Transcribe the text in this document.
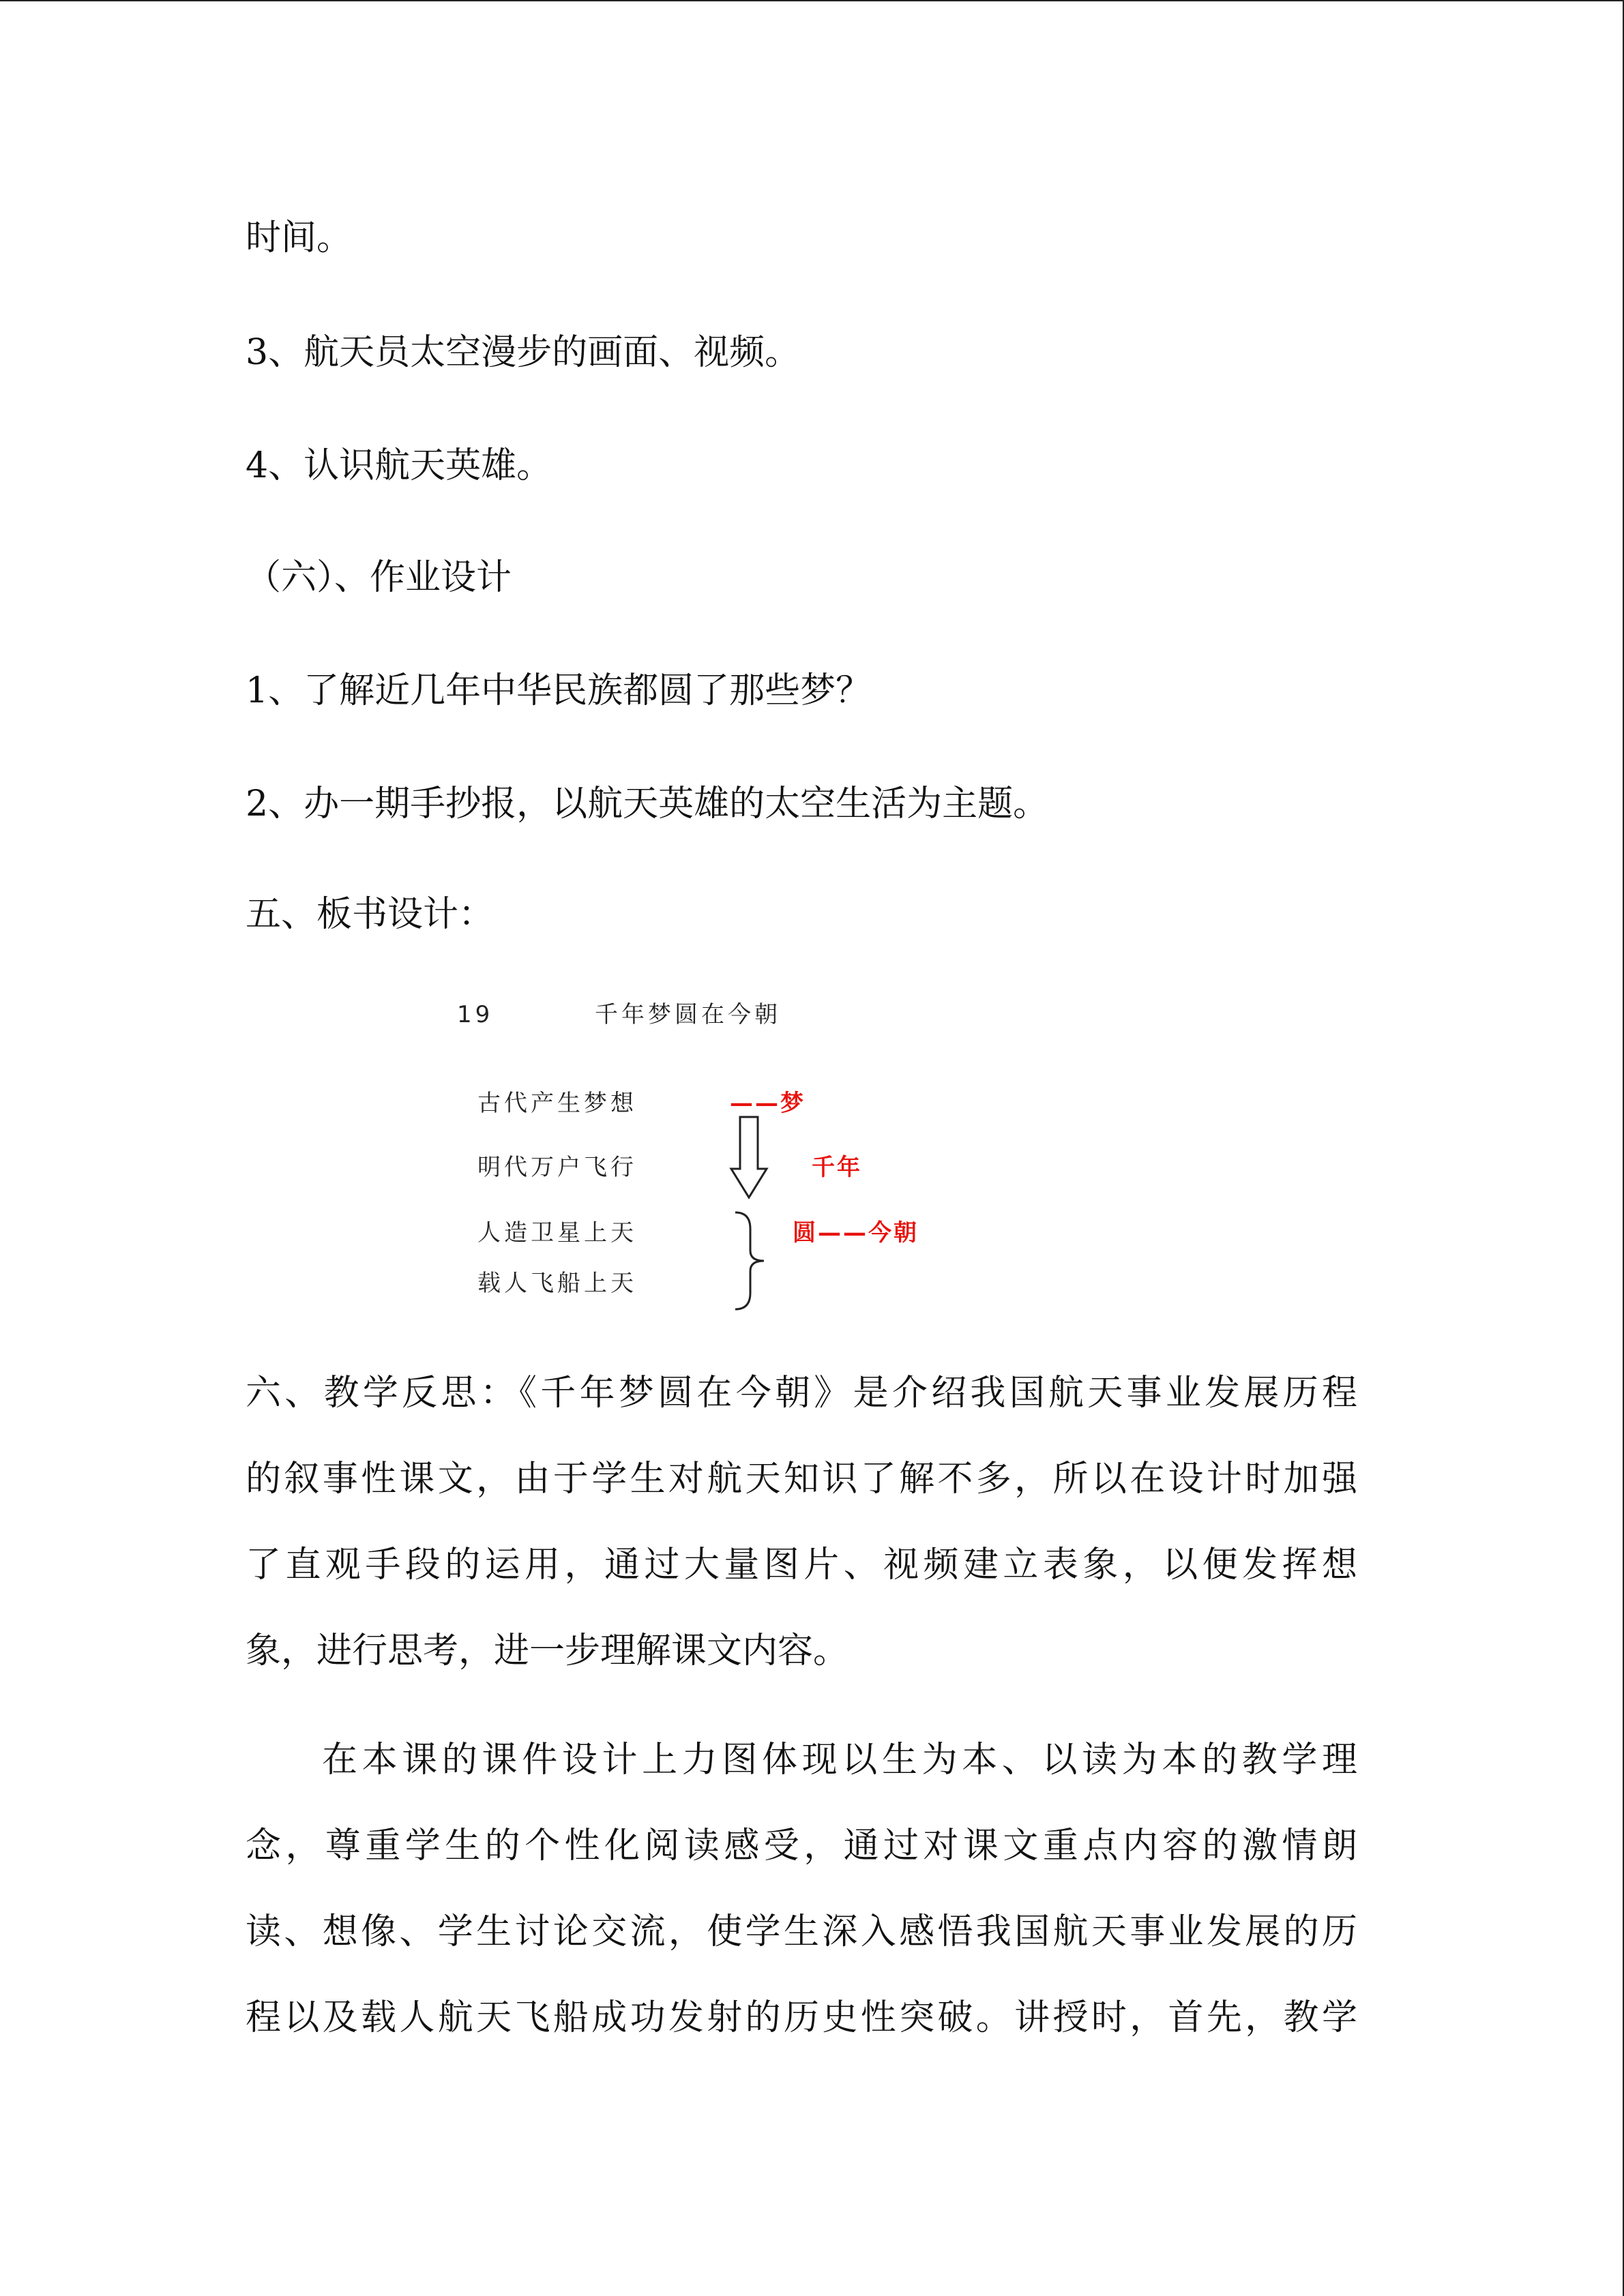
时间。

3、航天员太空漫步的画面、视频。

4、认识航天英雄。

（六）、作业设计

1、了解近几年中华民族都圆了那些梦？

2、办一期手抄报，以航天英雄的太空生活为主题。

五、板书设计：

19	千年梦圆在今朝
古代产生梦想	——梦
明代万户飞行	千年
人造卫星上天	圆——今朝
载人飞船上天

六、教学反思：《千年梦圆在今朝》是介绍我国航天事业发展历程

的叙事性课文，由于学生对航天知识了解不多，所以在设计时加强

了直观手段的运用，通过大量图片、视频建立表象，以便发挥想

象，进行思考，进一步理解课文内容。

在本课的课件设计上力图体现以生为本、以读为本的教学理

念，尊重学生的个性化阅读感受，通过对课文重点内容的激情朗

读、想像、学生讨论交流，使学生深入感悟我国航天事业发展的历

程以及载人航天飞船成功发射的历史性突破。讲授时，首先，教学
